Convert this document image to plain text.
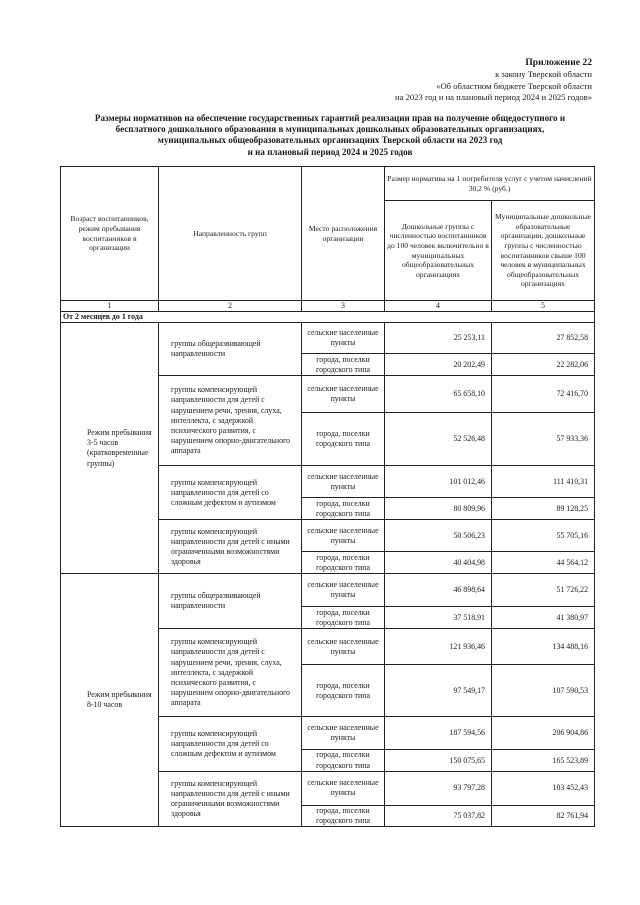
Приложение 22
к закону Тверской области
«Об областном бюджете Тверской области
на 2023 год и на плановый период 2024 и 2025 годов»
Размеры нормативов на обеспечение государственных гарантий реализации прав на получение общедоступного и
бесплатного дошкольного образования в муниципальных дошкольных образовательных организациях,
муниципальных общеобразовательных организациях Тверской области на 2023 год
и на плановый период 2024 и 2025 годов
Возраст воспитанников, режим пребывания воспитанников в организации	Направленность групп	Место расположения организации	Размер норматива на 1 потребителя услуг с учетом начислений 30,2 % (руб.)	
			Дошкольные группы с численностью воспитанников до 100 человек включительно в муниципальных общеобразовательных организациях	Муниципальные дошкольные образовательные организации, дошкольные группы с численностью воспитанников свыше 100 человек в муниципальных общеобразовательных организациях
1	2	3	4	5
От 2 месяцев до 1 года				
Режим пребывания 3-5 часов (кратковременные группы)	группы общеразвивающей направленности	сельские населенные пункты	25 253,11	27 852,58
		города, поселки городского типа	20 202,49	22 282,06
	группы компенсирующей направленности для детей с нарушением речи, зрения, слуха, интеллекта, с задержкой психического развития, с нарушением опорно-двигательного аппарата	сельские населенные пункты	65 658,10	72 416,70
		города, поселки городского типа	52 526,48	57 933,36
	группы компенсирующей направленности для детей со сложным дефектом и аутизмом	сельские населенные пункты	101 012,46	111 410,31
		города, поселки городского типа	80 809,96	89 128,25
	группы компенсирующей направленности для детей с иными ограниченными возможностями здоровья	сельские населенные пункты	50 506,23	55 705,16
		города, поселки городского типа	40 404,98	44 564,12
Режим пребывания 8-10 часов	группы общеразвивающей направленности	сельские населенные пункты	46 898,64	51 726,22
		города, поселки городского типа	37 518,91	41 380,97
	группы компенсирующей направленности для детей с нарушением речи, зрения, слуха, интеллекта, с задержкой психического развития, с нарушением опорно-двигательного аппарата	сельские населенные пункты	121 936,46	134 488,16
		города, поселки городского типа	97 549,17	107 590,53
	группы компенсирующей направленности для детей со сложным дефектом и аутизмом	сельские населенные пункты	187 594,56	206 904,86
		города, поселки городского типа	150 075,65	165 523,89
	группы компенсирующей направленности для детей с иными ограниченными возможностями здоровья	сельские населенные пункты	93 797,28	103 452,43
		города, поселки городского типа	75 037,82	82 761,94
